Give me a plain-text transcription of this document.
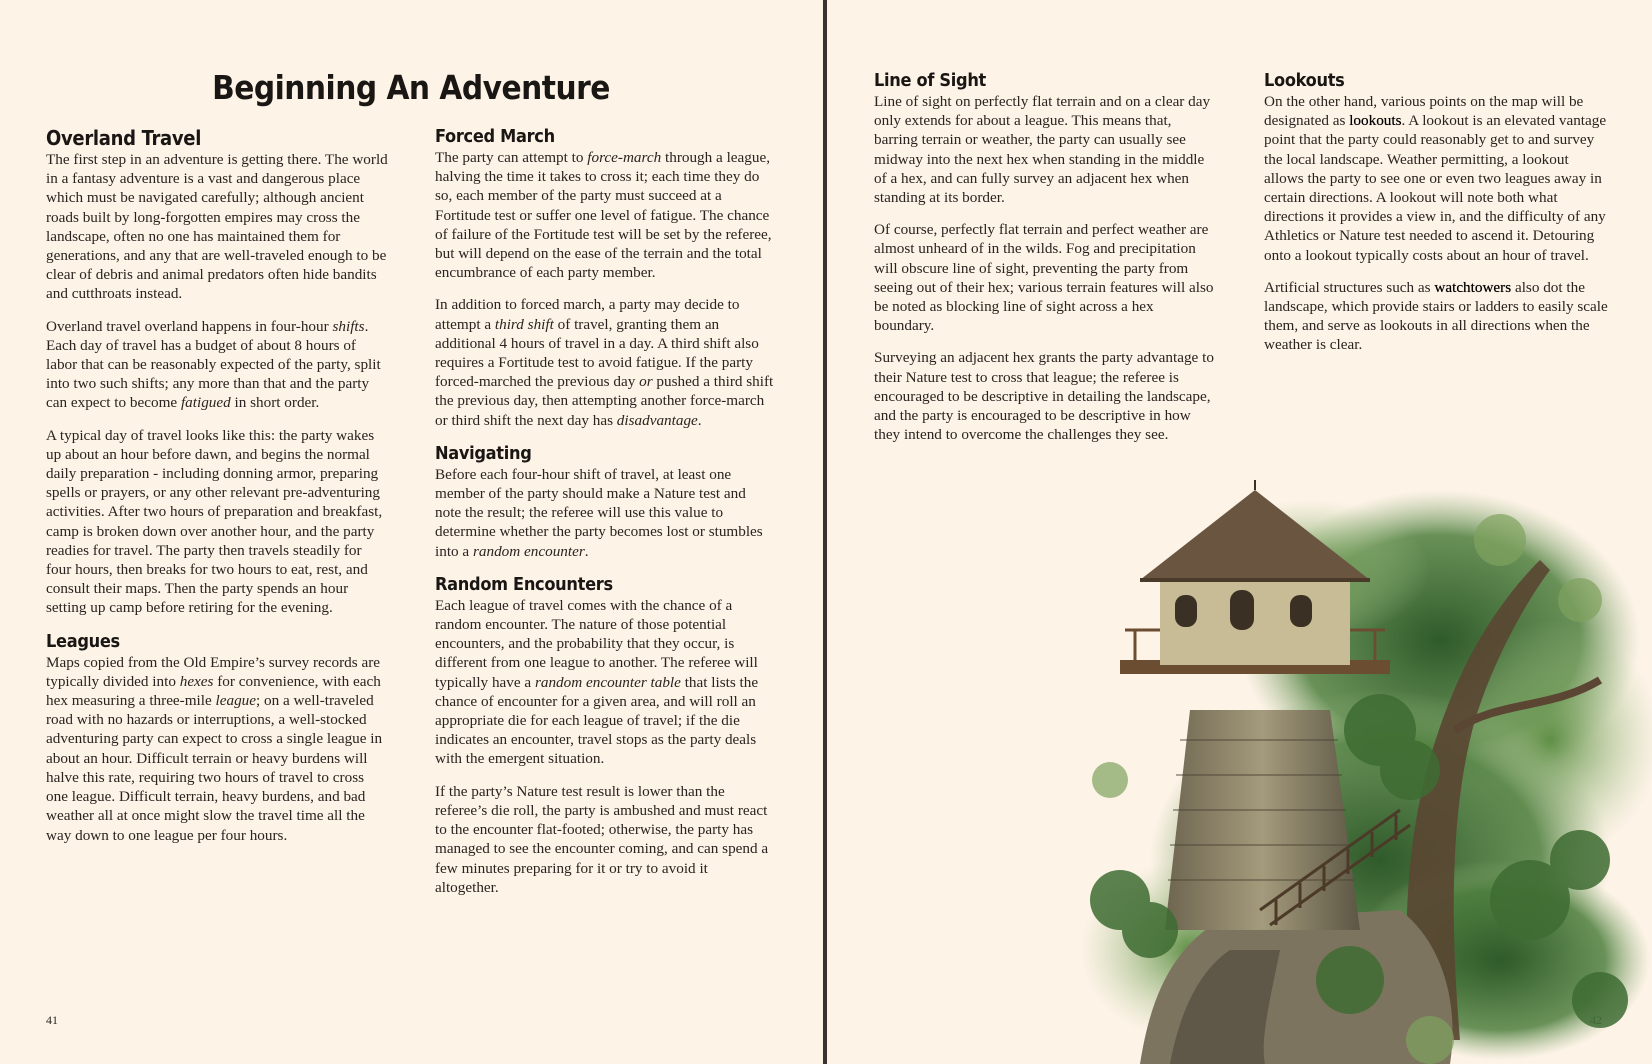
Beginning An Adventure
Overland Travel

The first step in an adventure is getting there. The world in a fantasy adventure is a vast and dangerous place which must be navigated carefully; although ancient roads built by long-forgotten empires may cross the landscape, often no one has maintained them for generations, and any that are well-traveled enough to be clear of debris and animal predators often hide bandits and cutthroats instead.

Overland travel overland happens in four-hour shifts. Each day of travel has a budget of about 8 hours of labor that can be reasonably expected of the party, split into two such shifts; any more than that and the party can expect to become fatigued in short order.

A typical day of travel looks like this: the party wakes up about an hour before dawn, and begins the normal daily preparation - including donning armor, preparing spells or prayers, or any other relevant pre-adventuring activities. After two hours of preparation and breakfast, camp is broken down over another hour, and the party readies for travel. The party then travels steadily for four hours, then breaks for two hours to eat, rest, and consult their maps. Then the party spends an hour setting up camp before retiring for the evening.

Leagues

Maps copied from the Old Empire’s survey records are typically divided into hexes for convenience, with each hex measuring a three-mile league; on a well-traveled road with no hazards or interruptions, a well-stocked adventuring party can expect to cross a single league in about an hour. Difficult terrain or heavy burdens will halve this rate, requiring two hours of travel to cross one league. Difficult terrain, heavy burdens, and bad weather all at once might slow the travel time all the way down to one league per four hours.

Forced March

The party can attempt to force-march through a league, halving the time it takes to cross it; each time they do so, each member of the party must succeed at a Fortitude test or suffer one level of fatigue. The chance of failure of the Fortitude test will be set by the referee, but will depend on the ease of the terrain and the total encumbrance of each party member.

In addition to forced march, a party may decide to attempt a third shift of travel, granting them an additional 4 hours of travel in a day. A third shift also requires a Fortitude test to avoid fatigue. If the party forced-marched the previous day or pushed a third shift the previous day, then attempting another force-march or third shift the next day has disadvantage.

Navigating

Before each four-hour shift of travel, at least one member of the party should make a Nature test and note the result; the referee will use this value to determine whether the party becomes lost or stumbles into a random encounter.

Random Encounters

Each league of travel comes with the chance of a random encounter. The nature of those potential encounters, and the probability that they occur, is different from one league to another. The referee will typically have a random encounter table that lists the chance of encounter for a given area, and will roll an appropriate die for each league of travel; if the die indicates an encounter, travel stops as the party deals with the emergent situation.

If the party’s Nature test result is lower than the referee’s die roll, the party is ambushed and must react to the encounter flat-footed; otherwise, the party has managed to see the encounter coming, and can spend a few minutes preparing for it or try to avoid it altogether.

41
Line of Sight

Line of sight on perfectly flat terrain and on a clear day only extends for about a league. This means that, barring terrain or weather, the party can usually see midway into the next hex when standing in the middle of a hex, and can fully survey an adjacent hex when standing at its border.

Of course, perfectly flat terrain and perfect weather are almost unheard of in the wilds. Fog and precipitation will obscure line of sight, preventing the party from seeing out of their hex; various terrain features will also be noted as blocking line of sight across a hex boundary.

Surveying an adjacent hex grants the party advantage to their Nature test to cross that league; the referee is encouraged to be descriptive in detailing the landscape, and the party is encouraged to be descriptive in how they intend to overcome the challenges they see.

Lookouts

On the other hand, various points on the map will be designated as lookouts. A lookout is an elevated vantage point that the party could reasonably get to and survey the local landscape. Weather permitting, a lookout allows the party to see one or even two leagues away in certain directions. A lookout will note both what directions it provides a view in, and the difficulty of any Athletics or Nature test needed to ascend it. Detouring onto a lookout typically costs about an hour of travel.

Artificial structures such as watchtowers also dot the landscape, which provide stairs or ladders to easily scale them, and serve as lookouts in all directions when the weather is clear.
